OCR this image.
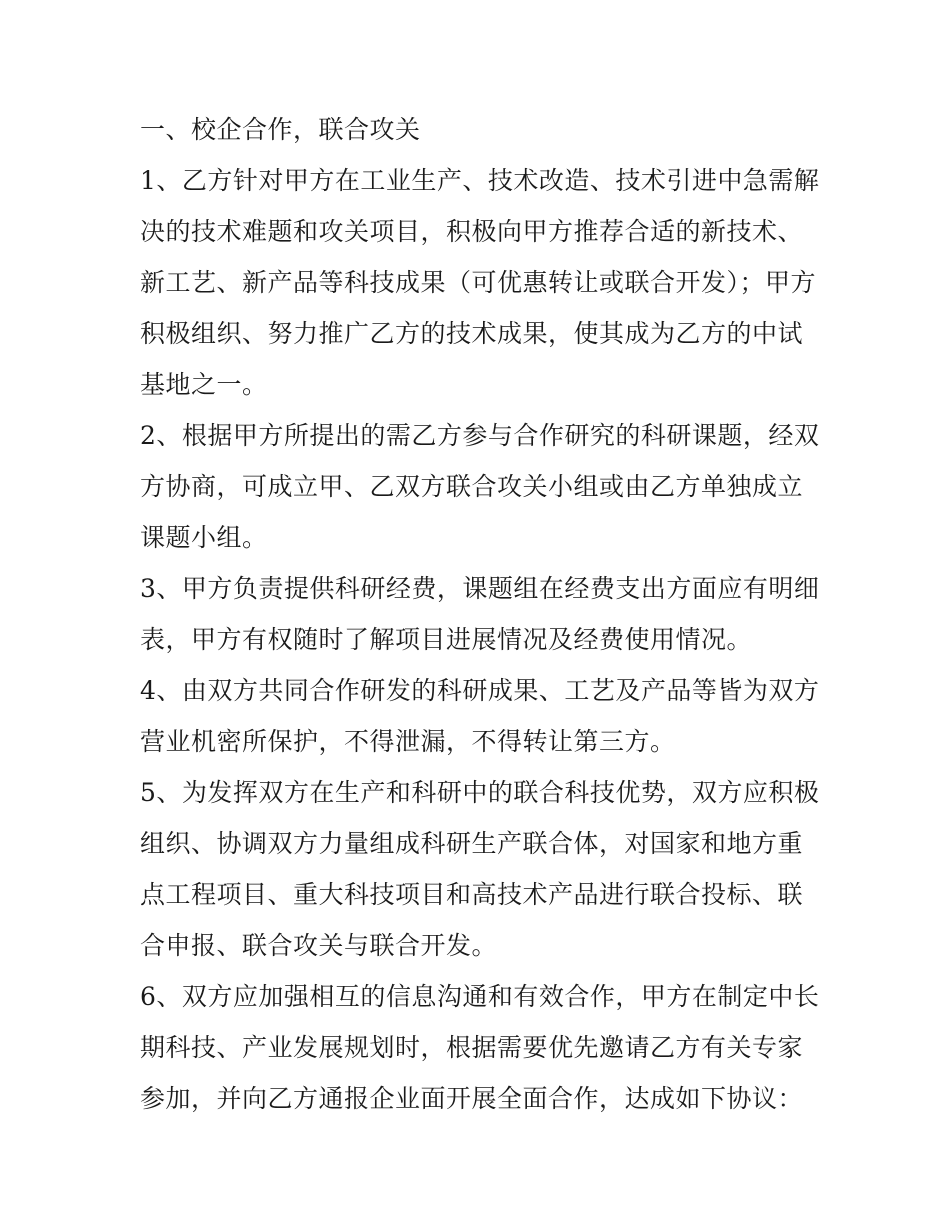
一、校企合作，联合攻关

1、乙方针对甲方在工业生产、技术改造、技术引进中急需解决的技术难题和攻关项目，积极向甲方推荐合适的新技术、新工艺、新产品等科技成果（可优惠转让或联合开发）；甲方积极组织、努力推广乙方的技术成果，使其成为乙方的中试基地之一。

2、根据甲方所提出的需乙方参与合作研究的科研课题，经双方协商，可成立甲、乙双方联合攻关小组或由乙方单独成立课题小组。

3、甲方负责提供科研经费，课题组在经费支出方面应有明细表，甲方有权随时了解项目进展情况及经费使用情况。

4、由双方共同合作研发的科研成果、工艺及产品等皆为双方营业机密所保护，不得泄漏，不得转让第三方。

5、为发挥双方在生产和科研中的联合科技优势，双方应积极组织、协调双方力量组成科研生产联合体，对国家和地方重点工程项目、重大科技项目和高技术产品进行联合投标、联合申报、联合攻关与联合开发。

6、双方应加强相互的信息沟通和有效合作，甲方在制定中长期科技、产业发展规划时，根据需要优先邀请乙方有关专家参加，并向乙方通报企业面开展全面合作，达成如下协议：
